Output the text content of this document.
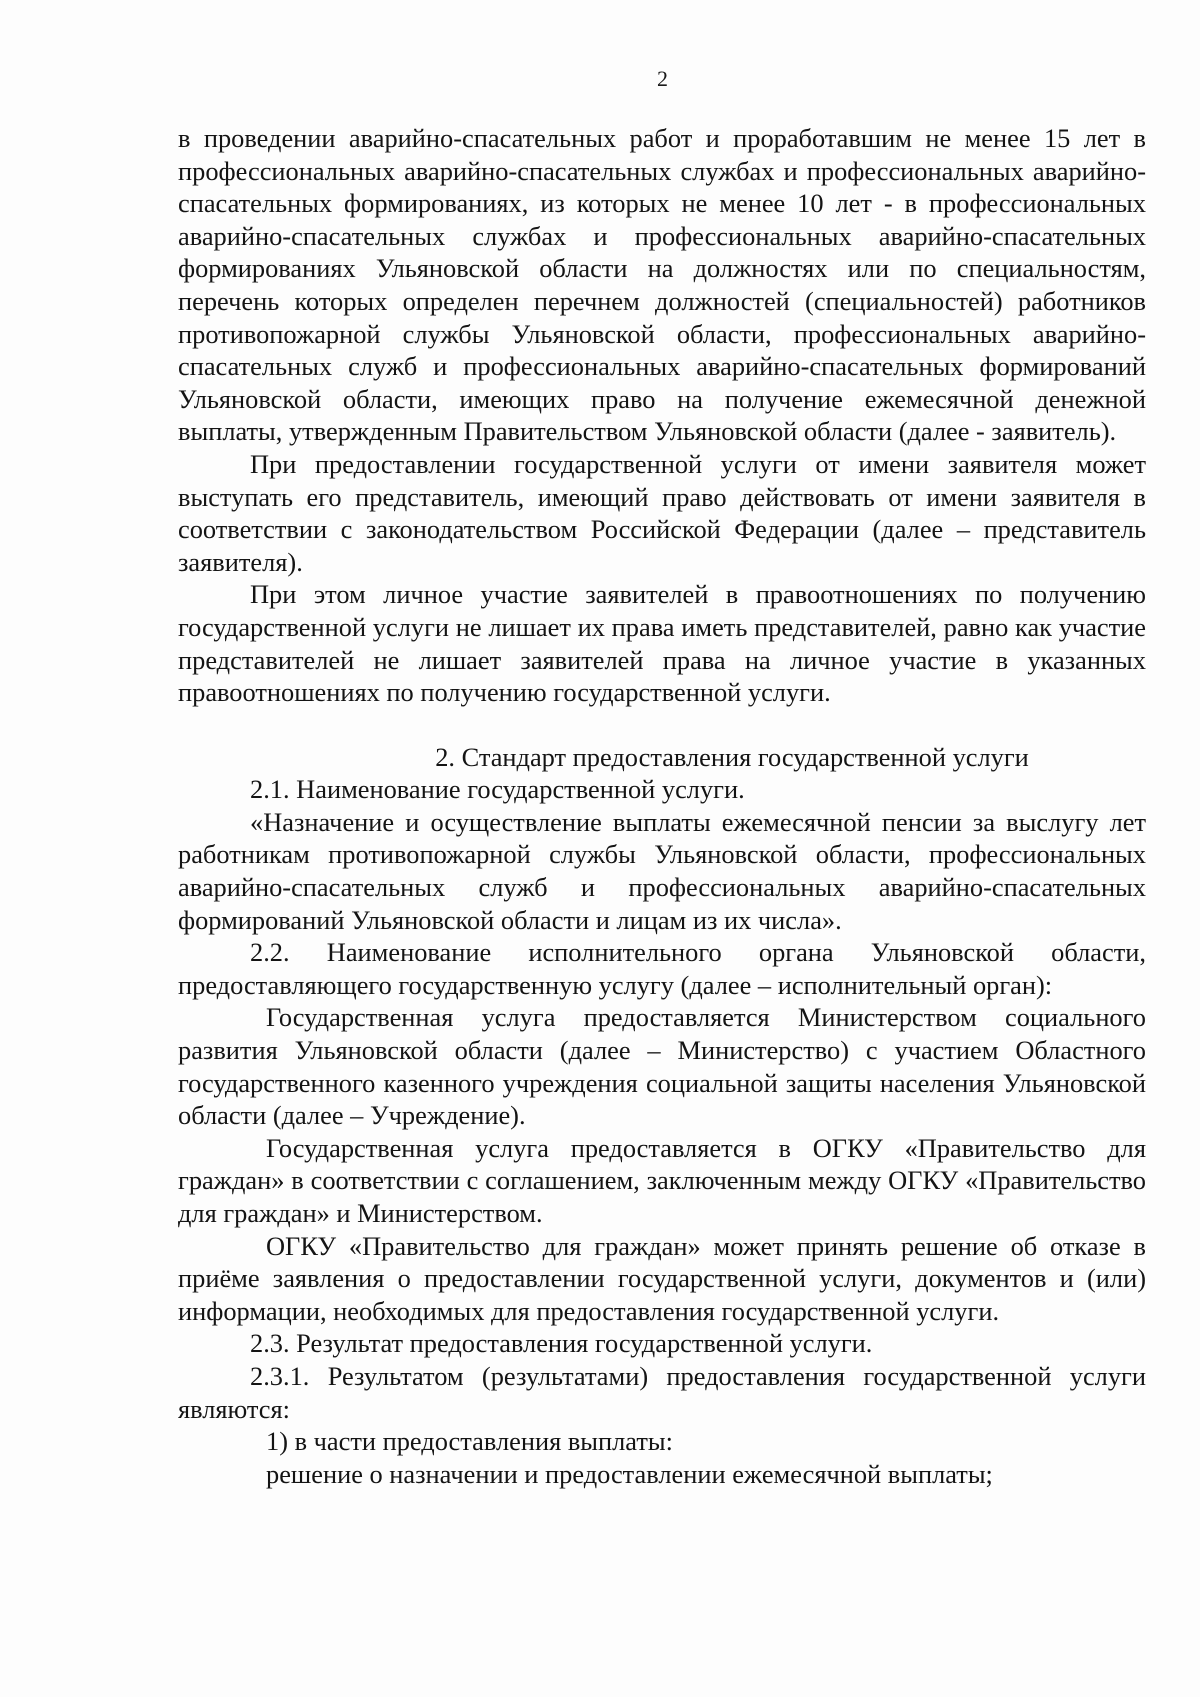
2

в проведении аварийно-спасательных работ и проработавшим не менее 15 лет в профессиональных аварийно-спасательных службах и профессиональных аварийно-спасательных формированиях, из которых не менее 10 лет - в профессиональных аварийно-спасательных службах и профессиональных аварийно-спасательных формированиях Ульяновской области на должностях или по специальностям, перечень которых определен перечнем должностей (специальностей) работников противопожарной службы Ульяновской области, профессиональных аварийно-спасательных служб и профессиональных аварийно-спасательных формирований Ульяновской области, имеющих право на получение ежемесячной денежной выплаты, утвержденным Правительством Ульяновской области (далее - заявитель).

При предоставлении государственной услуги от имени заявителя может выступать его представитель, имеющий право действовать от имени заявителя в соответствии с законодательством Российской Федерации (далее – представитель заявителя).

При этом личное участие заявителей в правоотношениях по получению государственной услуги не лишает их права иметь представителей, равно как участие представителей не лишает заявителей права на личное участие в указанных правоотношениях по получению государственной услуги.

2. Стандарт предоставления государственной услуги

2.1. Наименование государственной услуги.

«Назначение и осуществление выплаты ежемесячной пенсии за выслугу лет работникам противопожарной службы Ульяновской области, профессиональных аварийно-спасательных служб и профессиональных аварийно-спасательных формирований Ульяновской области и лицам из их числа».

2.2. Наименование исполнительного органа Ульяновской области, предоставляющего государственную услугу (далее – исполнительный орган):

Государственная услуга предоставляется Министерством социального развития Ульяновской области (далее – Министерство) с участием Областного государственного казенного учреждения социальной защиты населения Ульяновской области (далее – Учреждение).

Государственная услуга предоставляется в ОГКУ «Правительство для граждан» в соответствии с соглашением, заключенным между ОГКУ «Правительство для граждан» и Министерством.

ОГКУ «Правительство для граждан» может принять решение об отказе в приёме заявления о предоставлении государственной услуги, документов и (или) информации, необходимых для предоставления государственной услуги.

2.3. Результат предоставления государственной услуги.

2.3.1. Результатом (результатами) предоставления государственной услуги являются:

1) в части предоставления выплаты:

решение о назначении и предоставлении ежемесячной выплаты;
